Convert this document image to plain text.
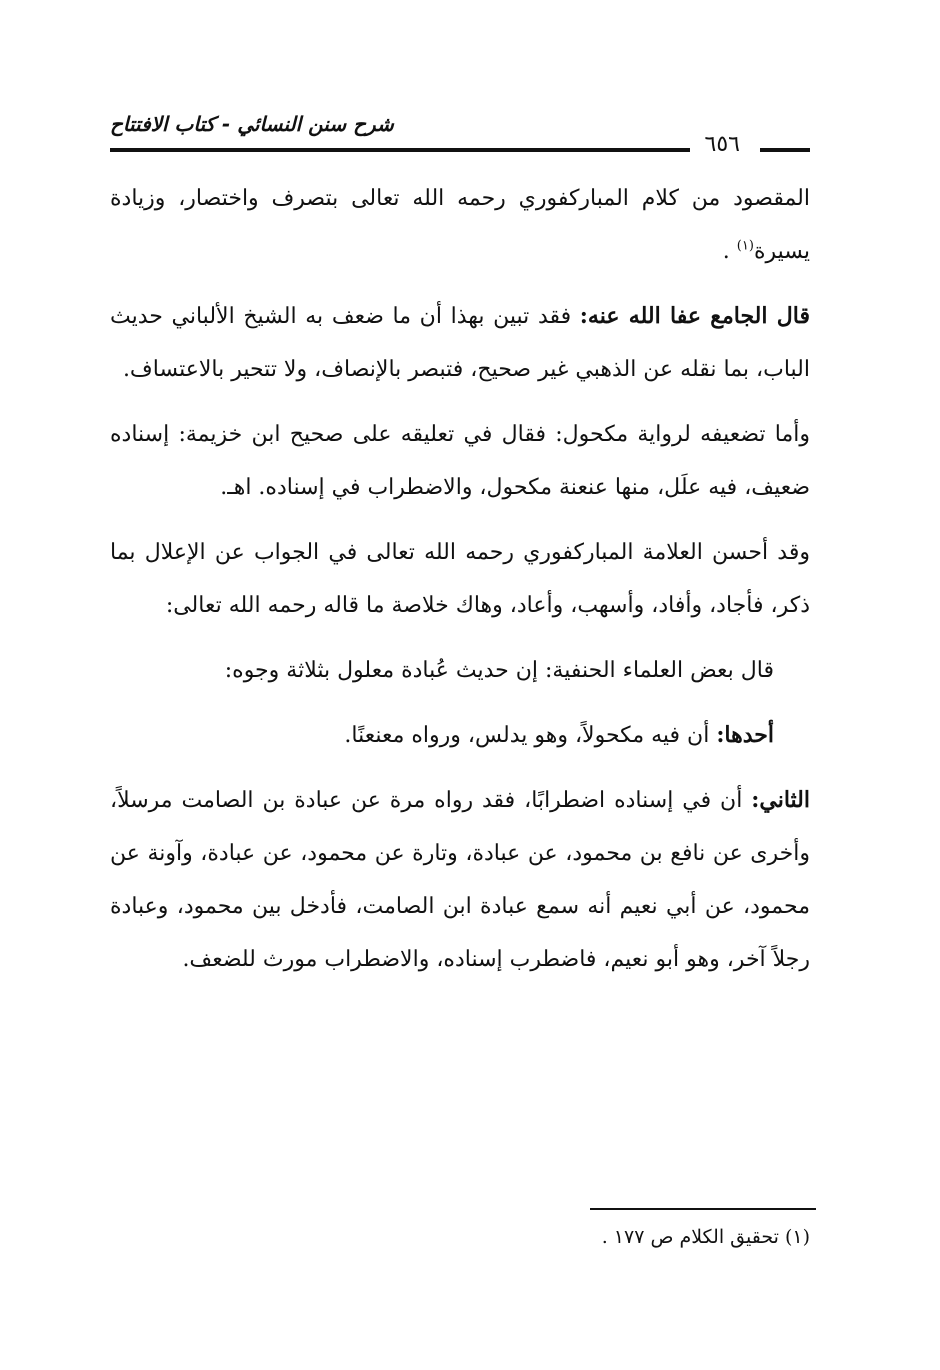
٦٥٦
شرح سنن النسائي - كتاب الافتتاح

المقصود من كلام المباركفوري رحمه الله تعالى بتصرف واختصار، وزيادة يسيرة$^{(١)}$ .

قال الجامع عفا الله عنه: فقد تبين بهذا أن ما ضعف به الشيخ الألباني حديث الباب، بما نقله عن الذهبي غير صحيح، فتبصر بالإنصاف، ولا تتحير بالاعتساف.

وأما تضعيفه لرواية مكحول: فقال في تعليقه على صحيح ابن خزيمة: إسناده ضعيف، فيه علَل، منها عنعنة مكحول، والاضطراب في إسناده. اهـ.

وقد أحسن العلامة المباركفوري رحمه الله تعالى في الجواب عن الإعلال بما ذكر، فأجاد، وأفاد، وأسهب، وأعاد، وهاك خلاصة ما قاله رحمه الله تعالى:

قال بعض العلماء الحنفية: إن حديث عُبادة معلول بثلاثة وجوه:

أحدها: أن فيه مكحولاً، وهو يدلس، ورواه معنعنًا.

الثاني: أن في إسناده اضطرابًا، فقد رواه مرة عن عبادة بن الصامت مرسلاً، وأخرى عن نافع بن محمود، عن عبادة، وتارة عن محمود، عن عبادة، وآونة عن محمود، عن أبي نعيم أنه سمع عبادة ابن الصامت، فأدخل بين محمود، وعبادة رجلاً آخر، وهو أبو نعيم، فاضطرب إسناده، والاضطراب مورث للضعف.

(١) تحقيق الكلام ص ١٧٧ .
